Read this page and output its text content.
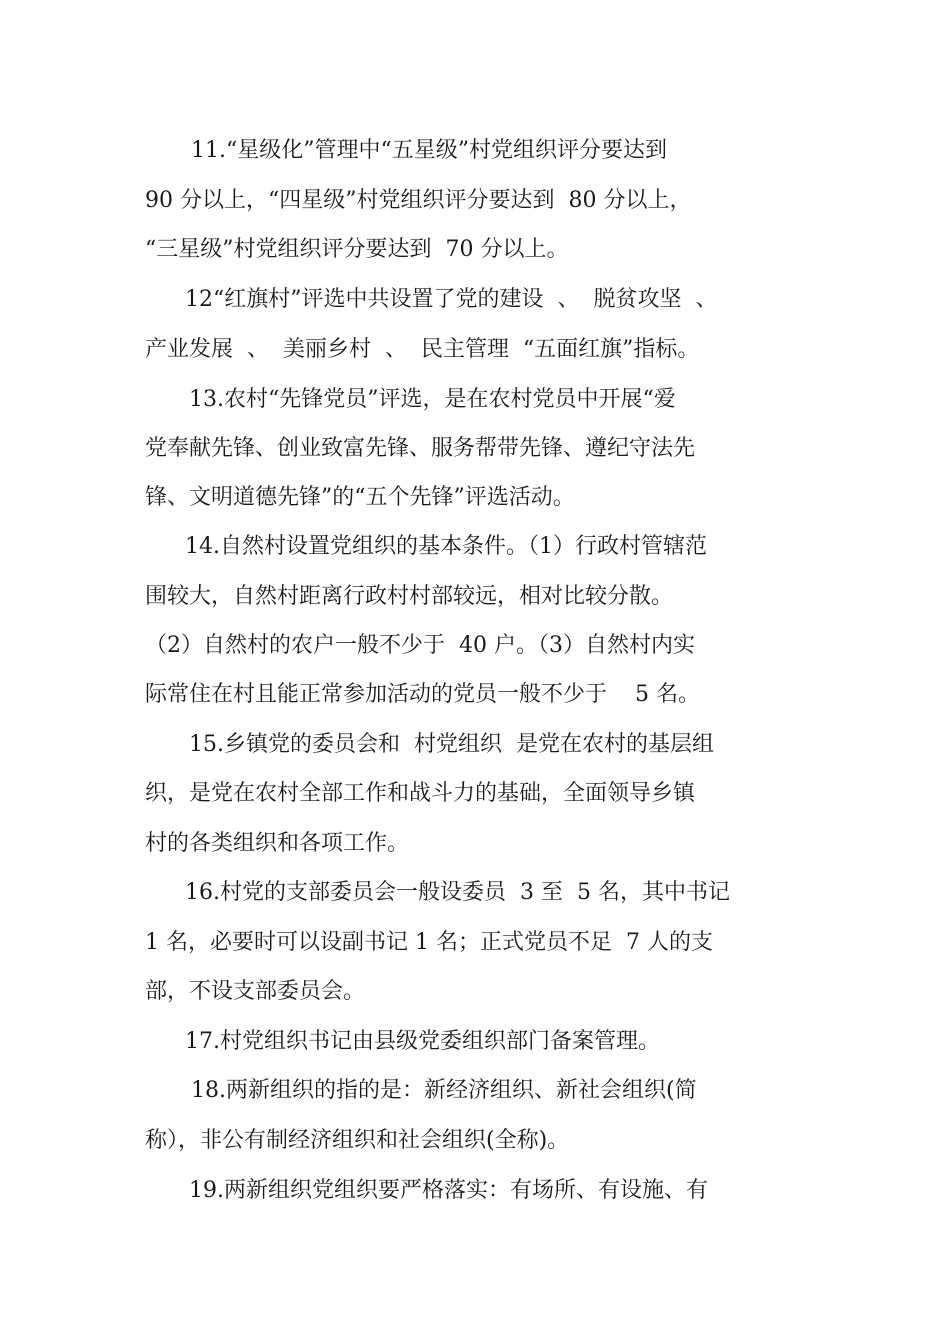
11.“星级化”管理中“五星级”村党组织评分要达到
90 分以上，“四星级”村党组织评分要达到  80 分以上，
“三星级”村党组织评分要达到  70 分以上。
12“红旗村”评选中共设置了党的建设  、  脱贫攻坚  、
产业发展  、  美丽乡村  、  民主管理  “五面红旗”指标。
13.农村“先锋党员”评选，是在农村党员中开展“爱
党奉献先锋、创业致富先锋、服务帮带先锋、遵纪守法先
锋、文明道德先锋”的“五个先锋”评选活动。
14.自然村设置党组织的基本条件。（1）行政村管辖范
围较大，自然村距离行政村村部较远，相对比较分散。
（2）自然村的农户一般不少于  40 户。（3）自然村内实
际常住在村且能正常参加活动的党员一般不少于    5 名。
15.乡镇党的委员会和  村党组织  是党在农村的基层组
织，是党在农村全部工作和战斗力的基础，全面领导乡镇
村的各类组织和各项工作。
16.村党的支部委员会一般设委员  3 至  5 名，其中书记
1 名，必要时可以设副书记 1 名；正式党员不足  7 人的支
部，不设支部委员会。
17.村党组织书记由县级党委组织部门备案管理。
18.两新组织的指的是：新经济组织、新社会组织(简
称），非公有制经济组织和社会组织(全称)。
19.两新组织党组织要严格落实：有场所、有设施、有
